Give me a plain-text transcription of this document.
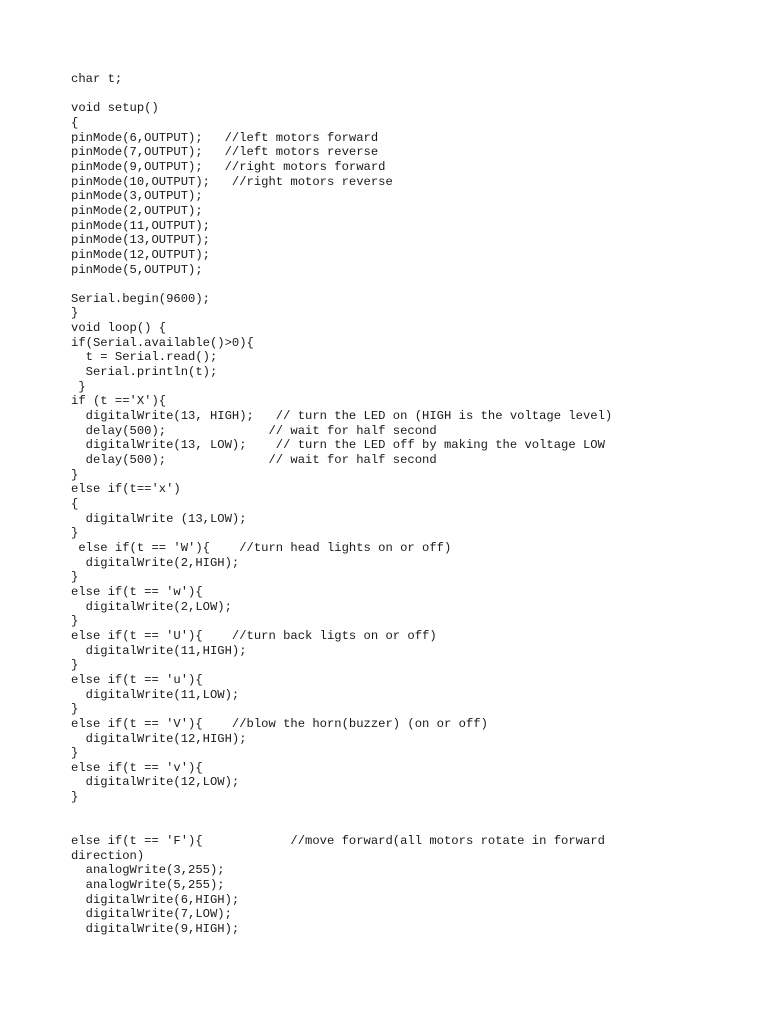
char t;
void setup()
{
pinMode(6,OUTPUT);   //left motors forward
pinMode(7,OUTPUT);   //left motors reverse
pinMode(9,OUTPUT);   //right motors forward
pinMode(10,OUTPUT);   //right motors reverse
pinMode(3,OUTPUT);
pinMode(2,OUTPUT);
pinMode(11,OUTPUT);
pinMode(13,OUTPUT);
pinMode(12,OUTPUT);
pinMode(5,OUTPUT);
Serial.begin(9600);
}
void loop() {
if(Serial.available()>0){
t = Serial.read();
Serial.println(t);
}
if (t =='X'){
digitalWrite(13, HIGH);   // turn the LED on (HIGH is the voltage level)
delay(500);              // wait for half second
digitalWrite(13, LOW);    // turn the LED off by making the voltage LOW
delay(500);              // wait for half second
}
else if(t=='x')
{
digitalWrite (13,LOW);
}
else if(t == 'W'){    //turn head lights on or off)
digitalWrite(2,HIGH);
}
else if(t == 'w'){
digitalWrite(2,LOW);
}
else if(t == 'U'){    //turn back ligts on or off)
digitalWrite(11,HIGH);
}
else if(t == 'u'){
digitalWrite(11,LOW);
}
else if(t == 'V'){    //blow the horn(buzzer) (on or off)
digitalWrite(12,HIGH);
}
else if(t == 'v'){
digitalWrite(12,LOW);
}
else if(t == 'F'){            //move forward(all motors rotate in forward
direction)
analogWrite(3,255);
analogWrite(5,255);
digitalWrite(6,HIGH);
digitalWrite(7,LOW);
digitalWrite(9,HIGH);
